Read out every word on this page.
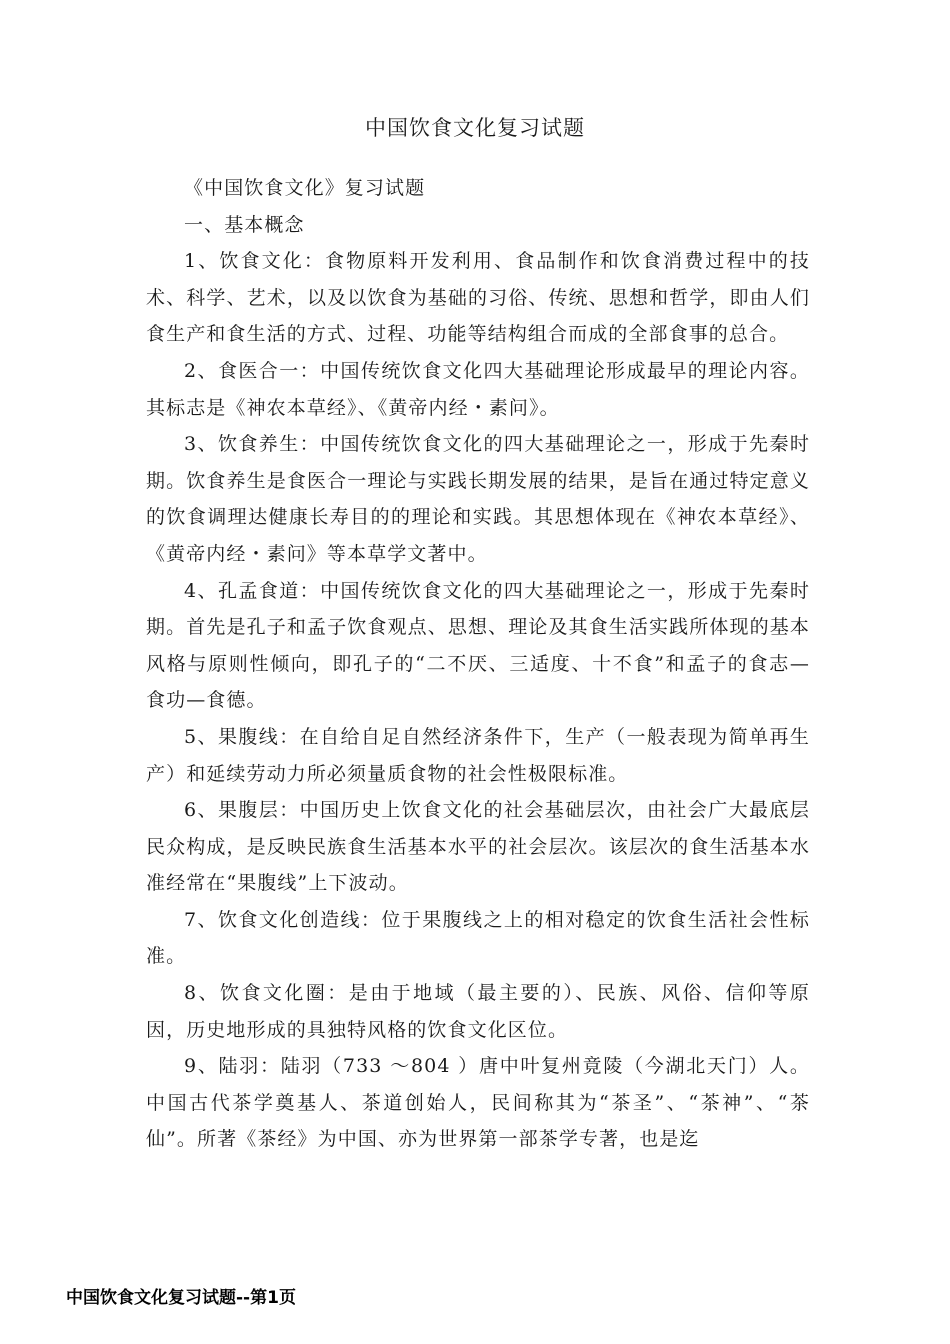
中国饮食文化复习试题

《中国饮食文化》复习试题

一、基本概念

1、饮食文化：食物原料开发利用、食品制作和饮食消费过程中的技术、科学、艺术，以及以饮食为基础的习俗、传统、思想和哲学，即由人们食生产和食生活的方式、过程、功能等结构组合而成的全部食事的总合。

2、食医合一：中国传统饮食文化四大基础理论形成最早的理论内容。其标志是《神农本草经》、《黄帝内经・素问》。

3、饮食养生：中国传统饮食文化的四大基础理论之一，形成于先秦时期。饮食养生是食医合一理论与实践长期发展的结果，是旨在通过特定意义的饮食调理达健康长寿目的的理论和实践。其思想体现在《神农本草经》、《黄帝内经・素问》等本草学文著中。

4、孔孟食道：中国传统饮食文化的四大基础理论之一，形成于先秦时期。首先是孔子和孟子饮食观点、思想、理论及其食生活实践所体现的基本风格与原则性倾向，即孔子的“二不厌、三适度、十不食”和孟子的食志—食功—食德。

5、果腹线：在自给自足自然经济条件下，生产（一般表现为简单再生产）和延续劳动力所必须量质食物的社会性极限标准。

6、果腹层：中国历史上饮食文化的社会基础层次，由社会广大最底层民众构成，是反映民族食生活基本水平的社会层次。该层次的食生活基本水准经常在“果腹线”上下波动。

7、饮食文化创造线：位于果腹线之上的相对稳定的饮食生活社会性标准。

8、饮食文化圈：是由于地域（最主要的）、民族、风俗、信仰等原因，历史地形成的具独特风格的饮食文化区位。

9、陆羽：陆羽（733 ～804 ）唐中叶复州竟陵（今湖北天门）人。中国古代茶学奠基人、茶道创始人，民间称其为“茶圣”、“茶神”、“茶仙”。所著《茶经》为中国、亦为世界第一部茶学专著，也是迄

中国饮食文化复习试题--第1页
